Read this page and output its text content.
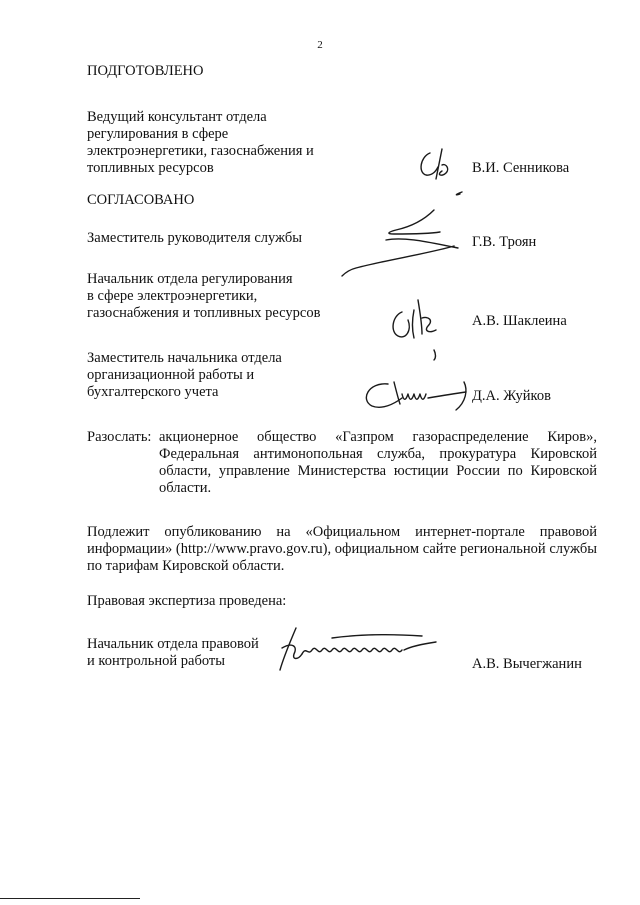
2
ПОДГОТОВЛЕНО
Ведущий консультант отдела
регулирования в сфере
электроэнергетики, газоснабжения и
топливных ресурсов	В.И. Сенникова
СОГЛАСОВАНО
Заместитель руководителя службы	Г.В. Троян
Начальник отдела регулирования
в сфере электроэнергетики,
газоснабжения и топливных ресурсов	А.В. Шаклеина
Заместитель начальника отдела
организационной работы и
бухгалтерского учета	Д.А. Жуйков
Разослать: акционерное общество «Газпром газораспределение Киров», Федеральная антимонопольная служба, прокуратура Кировской области, управление Министерства юстиции России по Кировской области.
Подлежит опубликованию на «Официальном интернет-портале правовой информации» (http://www.pravo.gov.ru), официальном сайте региональной службы по тарифам Кировской области.
Правовая экспертиза проведена:
Начальник отдела правовой
и контрольной работы	А.В. Вычегжанин
